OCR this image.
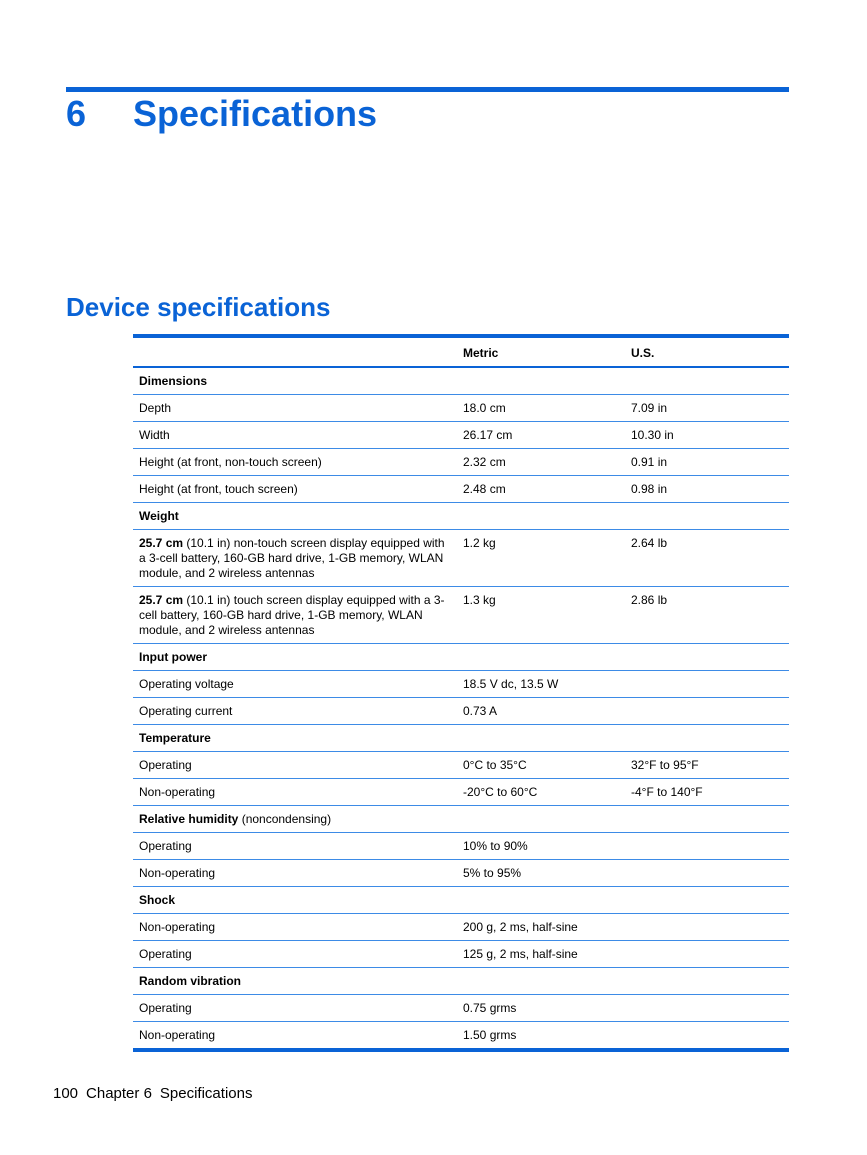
6 Specifications
Device specifications
	Metric	U.S.
Dimensions		
Depth	18.0 cm	7.09 in
Width	26.17 cm	10.30 in
Height (at front, non-touch screen)	2.32 cm	0.91 in
Height (at front, touch screen)	2.48 cm	0.98 in
Weight		
25.7 cm (10.1 in) non-touch screen display equipped with a 3-cell battery, 160-GB hard drive, 1-GB memory, WLAN module, and 2 wireless antennas	1.2 kg	2.64 lb
25.7 cm (10.1 in) touch screen display equipped with a 3-cell battery, 160-GB hard drive, 1-GB memory, WLAN module, and 2 wireless antennas	1.3 kg	2.86 lb
Input power		
Operating voltage	18.5 V dc, 13.5 W	
Operating current	0.73 A	
Temperature		
Operating	0°C to 35°C	32°F to 95°F
Non-operating	-20°C to 60°C	-4°F to 140°F
Relative humidity (noncondensing)		
Operating	10% to 90%	
Non-operating	5% to 95%	
Shock		
Non-operating	200 g, 2 ms, half-sine	
Operating	125 g, 2 ms, half-sine	
Random vibration		
Operating	0.75 grms	
Non-operating	1.50 grms	
100 Chapter 6 Specifications
